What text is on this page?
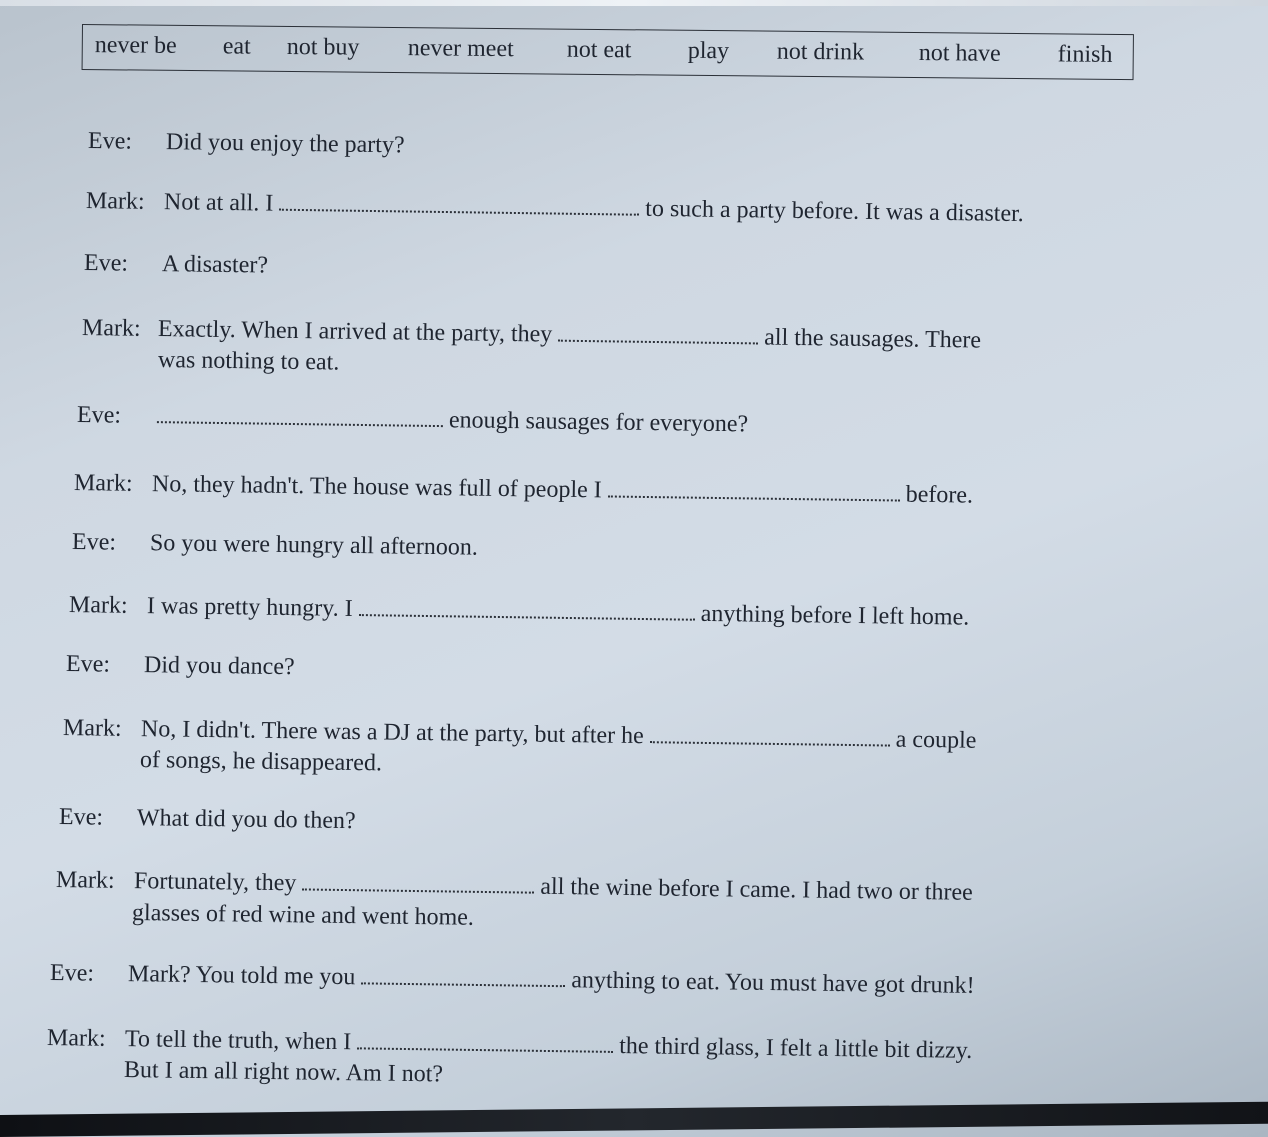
never be eat not buy never meet not eat play not drink not have finish
Eve: Did you enjoy the party?
Mark: Not at all. I	to such a party before. It was a disaster.
Eve: A disaster?
Mark: Exactly. When I arrived at the party, they	all the sausages. There
was nothing to eat.
Eve:	enough sausages for everyone?
Mark: No, they hadn't. The house was full of people I	before.
Eve: So you were hungry all afternoon.
Mark: I was pretty hungry. I	anything before I left home.
Eve: Did you dance?
Mark: No, I didn't. There was a DJ at the party, but after he	a couple
of songs, he disappeared.
Eve: What did you do then?
Mark: Fortunately, they	all the wine before I came. I had two or three
glasses of red wine and went home.
Eve: Mark? You told me you	anything to eat. You must have got drunk!
Mark: To tell the truth, when I	the third glass, I felt a little bit dizzy.
But I am all right now. Am I not?
